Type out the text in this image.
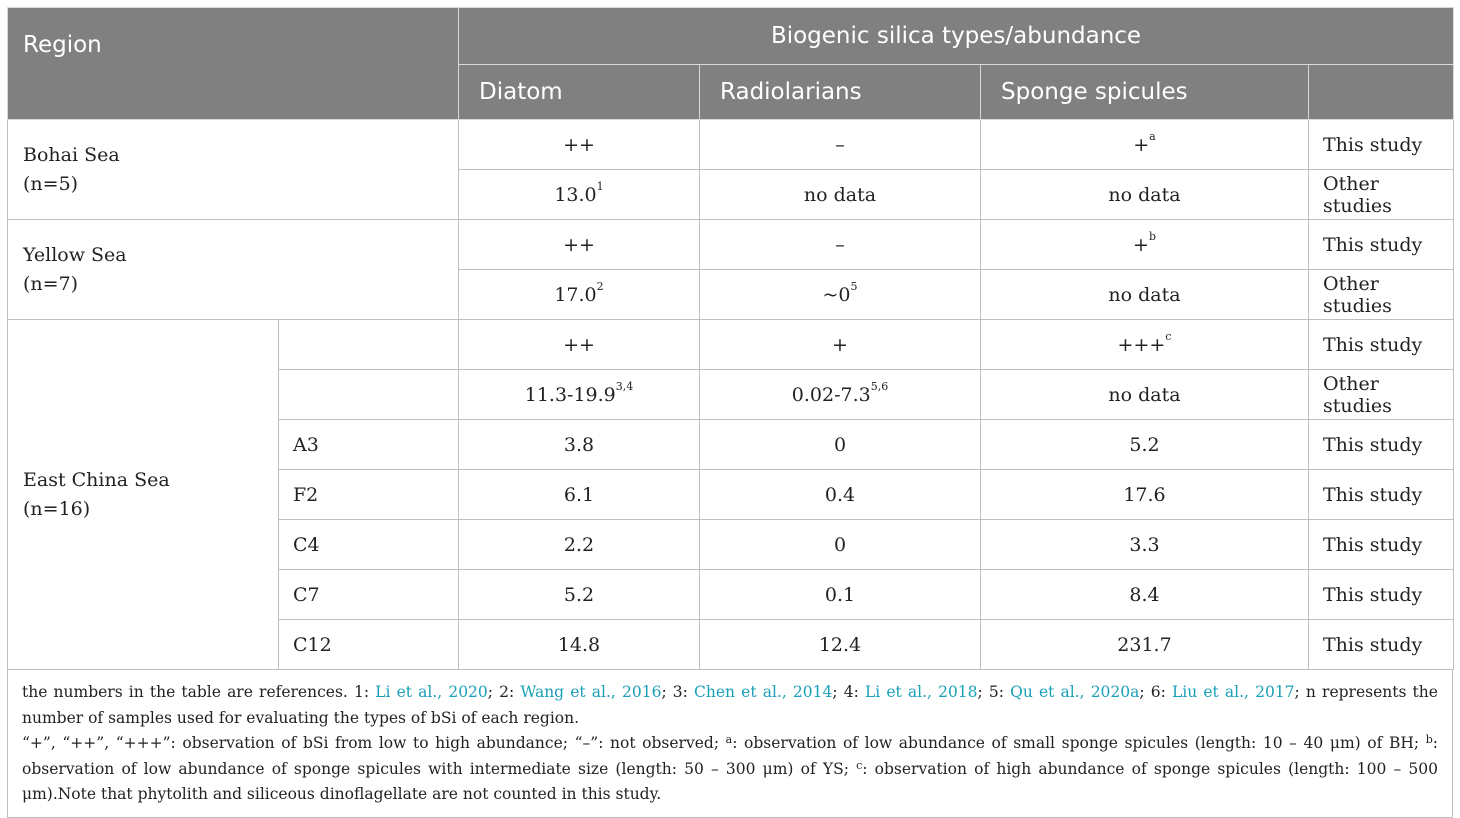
Region		Biogenic silica types/abundance			
		Diatom	Radiolarians	Sponge spicules	

Bohai Sea
(n=5)		++	–	+$^a$	This study
		13.0$^1$	no data	no data	Other studies

Yellow Sea
(n=7)		++	–	+$^b$	This study
		17.0$^2$	$\sim 0^5$	no data	Other studies

East China Sea
(n=16)		++	+	+++$^c$	This study
		11.3-19.9$^{3,4}$	0.02-7.3$^{5,6}$	no data	Other studies
	A3	3.8	0	5.2	This study
	F2	6.1	0.4	17.6	This study
	C4	2.2	0	3.3	This study
	C7	5.2	0.1	8.4	This study
	C12	14.8	12.4	231.7	This study
the numbers in the table are references. 1: Li et al., 2020; 2: Wang et al., 2016; 3: Chen et al., 2014; 4: Li et al., 2018; 5: Qu et al., 2020a; 6: Liu et al., 2017; n represents the number of samples used for evaluating the types of bSi of each region.
“+”, “++”, “+++”: observation of bSi from low to high abundance; “–”: not observed; $^a$: observation of low abundance of small sponge spicules (length: 10 – 40 μm) of BH; $^b$: observation of low abundance of sponge spicules with intermediate size (length: 50 – 300 μm) of YS; $^c$: observation of high abundance of sponge spicules (length: 100 – 500 μm).Note that phytolith and siliceous dinoflagellate are not counted in this study.
